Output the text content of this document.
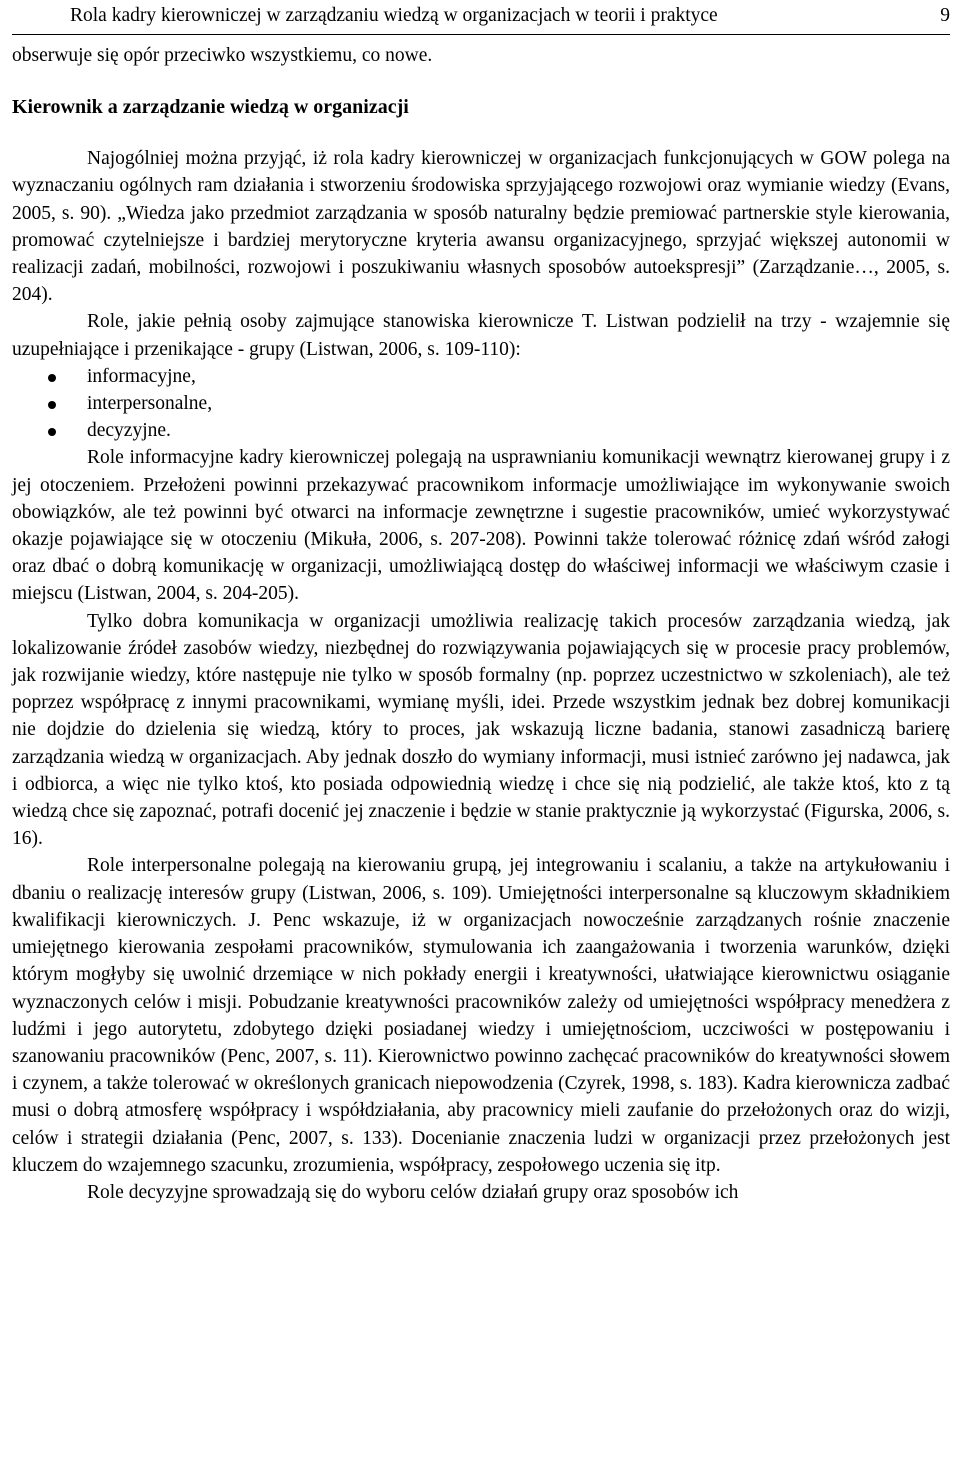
Rola kadry kierowniczej w zarządzaniu wiedzą w organizacjach w teorii i praktyce	9

obserwuje się opór przeciwko wszystkiemu, co nowe.

Kierownik a zarządzanie wiedzą w organizacji

Najogólniej można przyjąć, iż rola kadry kierowniczej w organizacjach funkcjonujących w GOW polega na wyznaczaniu ogólnych ram działania i stworzeniu środowiska sprzyjającego rozwojowi oraz wymianie wiedzy (Evans, 2005, s. 90). „Wiedza jako przedmiot zarządzania w sposób naturalny będzie premiować partnerskie style kierowania, promować czytelniejsze i bardziej merytoryczne kryteria awansu organizacyjnego, sprzyjać większej autonomii w realizacji zadań, mobilności, rozwojowi i poszukiwaniu własnych sposobów autoekspresji” (Zarządzanie…, 2005, s. 204).

Role, jakie pełnią osoby zajmujące stanowiska kierownicze T. Listwan podzielił na trzy - wzajemnie się uzupełniające i przenikające - grupy (Listwan, 2006, s. 109-110):

informacyjne,
interpersonalne,
decyzyjne.

Role informacyjne kadry kierowniczej polegają na usprawnianiu komunikacji wewnątrz kierowanej grupy i z jej otoczeniem. Przełożeni powinni przekazywać pracownikom informacje umożliwiające im wykonywanie swoich obowiązków, ale też powinni być otwarci na informacje zewnętrzne i sugestie pracowników, umieć wykorzystywać okazje pojawiające się w otoczeniu (Mikuła, 2006, s. 207-208). Powinni także tolerować różnicę zdań wśród załogi oraz dbać o dobrą komunikację w organizacji, umożliwiającą dostęp do właściwej informacji we właściwym czasie i miejscu (Listwan, 2004, s. 204-205).

Tylko dobra komunikacja w organizacji umożliwia realizację takich procesów zarządzania wiedzą, jak lokalizowanie źródeł zasobów wiedzy, niezbędnej do rozwiązywania pojawiających się w procesie pracy problemów, jak rozwijanie wiedzy, które następuje nie tylko w sposób formalny (np. poprzez uczestnictwo w szkoleniach), ale też poprzez współpracę z innymi pracownikami, wymianę myśli, idei. Przede wszystkim jednak bez dobrej komunikacji nie dojdzie do dzielenia się wiedzą, który to proces, jak wskazują liczne badania, stanowi zasadniczą barierę zarządzania wiedzą w organizacjach. Aby jednak doszło do wymiany informacji, musi istnieć zarówno jej nadawca, jak i odbiorca, a więc nie tylko ktoś, kto posiada odpowiednią wiedzę i chce się nią podzielić, ale także ktoś, kto z tą wiedzą chce się zapoznać, potrafi docenić jej znaczenie i będzie w stanie praktycznie ją wykorzystać (Figurska, 2006, s. 16).

Role interpersonalne polegają na kierowaniu grupą, jej integrowaniu i scalaniu, a także na artykułowaniu i dbaniu o realizację interesów grupy (Listwan, 2006, s. 109). Umiejętności interpersonalne są kluczowym składnikiem kwalifikacji kierowniczych. J. Penc wskazuje, iż w organizacjach nowocześnie zarządzanych rośnie znaczenie umiejętnego kierowania zespołami pracowników, stymulowania ich zaangażowania i tworzenia warunków, dzięki którym mogłyby się uwolnić drzemiące w nich pokłady energii i kreatywności, ułatwiające kierownictwu osiąganie wyznaczonych celów i misji. Pobudzanie kreatywności pracowników zależy od umiejętności współpracy menedżera z ludźmi i jego autorytetu, zdobytego dzięki posiadanej wiedzy i umiejętnościom, uczciwości w postępowaniu i szanowaniu pracowników (Penc, 2007, s. 11). Kierownictwo powinno zachęcać pracowników do kreatywności słowem i czynem, a także tolerować w określonych granicach niepowodzenia (Czyrek, 1998, s. 183). Kadra kierownicza zadbać musi o dobrą atmosferę współpracy i współdziałania, aby pracownicy mieli zaufanie do przełożonych oraz do wizji, celów i strategii działania (Penc, 2007, s. 133). Docenianie znaczenia ludzi w organizacji przez przełożonych jest kluczem do wzajemnego szacunku, zrozumienia, współpracy, zespołowego uczenia się itp.

Role decyzyjne sprowadzają się do wyboru celów działań grupy oraz sposobów ich
